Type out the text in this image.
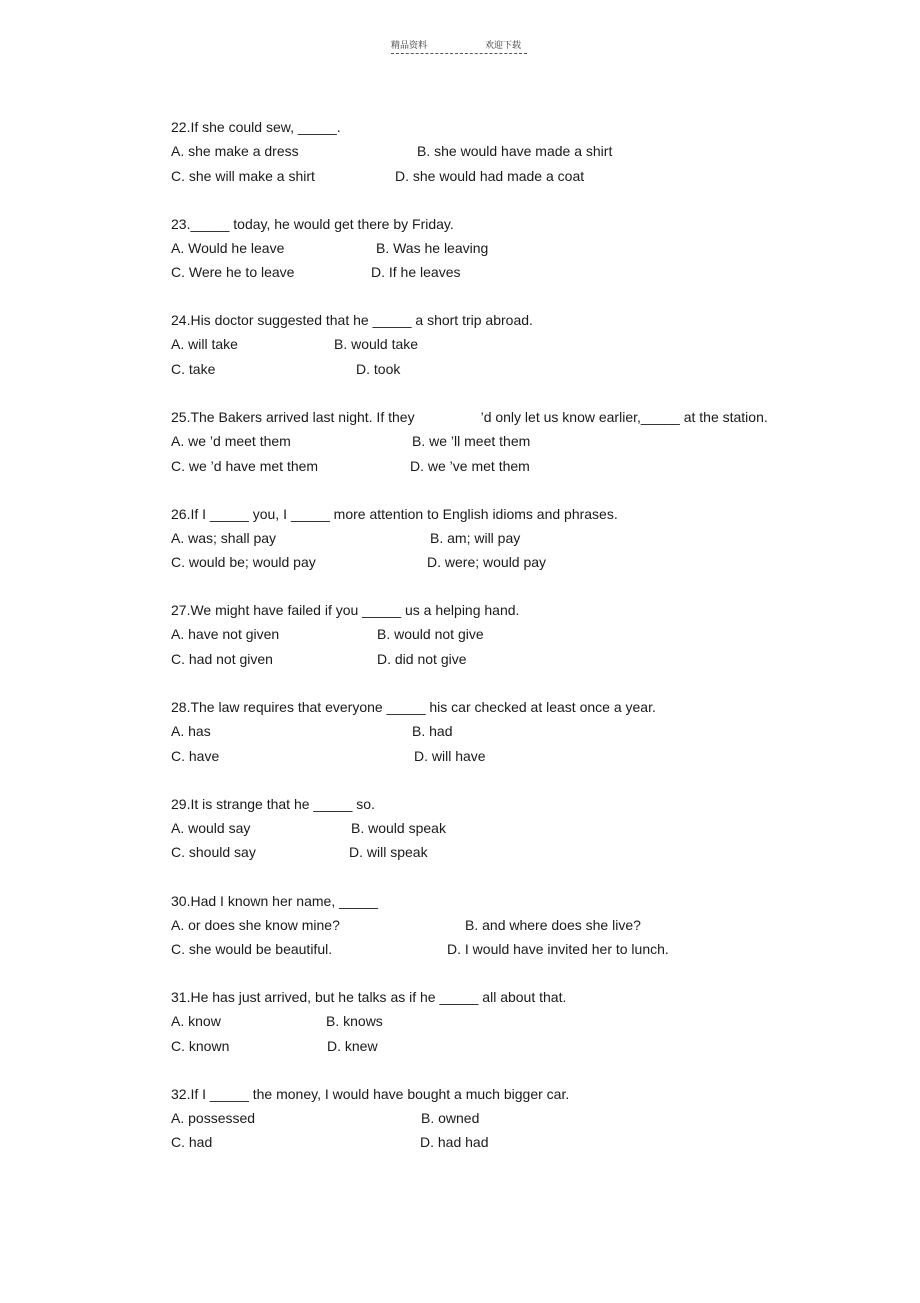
精品资料	欢迎下载
22.If she could sew, _____.
A. she make a dress	B. she would have made a shirt
C. she will make a shirt	D. she would had made a coat
23._____ today, he would get there by Friday.
A. Would he leave	B. Was he leaving
C. Were he to leave	D. If he leaves
24.His doctor suggested that he _____ a short trip abroad.
A. will take	B. would take
C. take	D. took
25.The Bakers arrived last night. If they	’d only let us know earlier,_____ at the station.
A. we ’d meet them	B. we ’ll meet them
C. we ’d have met them	D. we ’ve met them
26.If I _____ you, I _____ more attention to English idioms and phrases.
A. was; shall pay	B. am; will pay
C. would be; would pay	D. were; would pay
27.We might have failed if you _____ us a helping hand.
A. have not given	B. would not give
C. had not given	D. did not give
28.The law requires that everyone _____ his car checked at least once a year.
A. has	B. had
C. have	D. will have
29.It is strange that he _____ so.
A. would say	B. would speak
C. should say	D. will speak
30.Had I known her name, _____
A. or does she know mine?	B. and where does she live?
C. she would be beautiful.	D. I would have invited her to lunch.
31.He has just arrived, but he talks as if he _____ all about that.
A. know	B. knows
C. known	D. knew
32.If I _____ the money, I would have bought a much bigger car.
A. possessed	B. owned
C. had	D. had had
